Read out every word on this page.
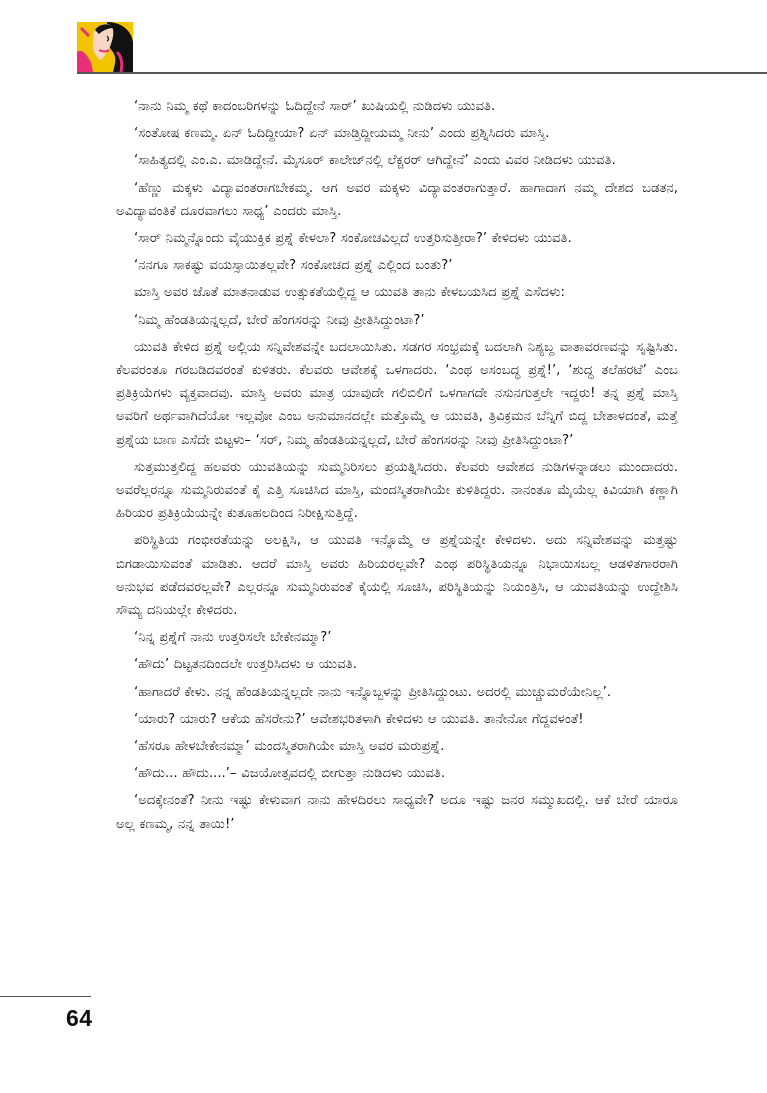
‘ನಾನು ನಿಮ್ಮ ಕಥೆ ಕಾದಂಬರಿಗಳನ್ನು ಓದಿದ್ದೇನೆ ಸಾರ್’ ಖುಷಿಯಲ್ಲಿ ನುಡಿದಳು ಯುವತಿ.

‘ಸಂತೋಷ ಕಣಮ್ಮ. ಏನ್ ಓದಿದ್ದೀಯಾ? ಏನ್ ಮಾಡ್ತಿದ್ದೀಯಮ್ಮ ನೀನು’ ಎಂದು ಪ್ರಶ್ನಿಸಿದರು ಮಾಸ್ತಿ.

‘ಸಾಹಿತ್ಯದಲ್ಲಿ ಎಂ.ಎ. ಮಾಡಿದ್ದೇನೆ. ಮೈಸೂರ್ ಕಾಲೇಜ್‌ನಲ್ಲಿ ಲೆಕ್ಚರರ್ ಆಗಿದ್ದೇನೆ’ ಎಂದು ವಿವರ ನೀಡಿದಳು ಯುವತಿ.

‘ಹೆಣ್ಣು ಮಕ್ಕಳು ವಿದ್ಯಾವಂತರಾಗಬೇಕಮ್ಮ. ಆಗ ಅವರ ಮಕ್ಕಳು ವಿದ್ಯಾವಂತರಾಗುತ್ತಾರೆ. ಹಾಗಾದಾಗ ನಮ್ಮ ದೇಶದ ಬಡತನ, ಅವಿದ್ಯಾವಂತಿಕೆ ದೂರವಾಗಲು ಸಾಧ್ಯ’ ಎಂದರು ಮಾಸ್ತಿ.

‘ಸಾರ್ ನಿಮ್ಮನ್ನೊಂದು ವೈಯುಕ್ತಿಕ ಪ್ರಶ್ನೆ ಕೇಳಲಾ? ಸಂಕೋಚವಿಲ್ಲದೆ ಉತ್ತರಿಸುತ್ತೀರಾ?’ ಕೇಳಿದಳು ಯುವತಿ.

‘ನನಗೂ ಸಾಕಷ್ಟು ವಯಸ್ಸಾಯಿತಲ್ಲವೇ? ಸಂಕೋಚದ ಪ್ರಶ್ನೆ ಎಲ್ಲಿಂದ ಬಂತು?’

ಮಾಸ್ತಿ ಅವರ ಜೊತೆ ಮಾತನಾಡುವ ಉತ್ಸುಕತೆಯಲ್ಲಿದ್ದ ಆ ಯುವತಿ ತಾನು ಕೇಳಬಯಸಿದ ಪ್ರಶ್ನೆ ಎಸೆದಳು:

‘ನಿಮ್ಮ ಹೆಂಡತಿಯನ್ನಲ್ಲದೆ, ಬೇರೆ ಹೆಂಗಸರನ್ನು ನೀವು ಪ್ರೀತಿಸಿದ್ದುಂಟಾ?’

ಯುವತಿ ಕೇಳಿದ ಪ್ರಶ್ನೆ ಅಲ್ಲಿಯ ಸನ್ನಿವೇಶವನ್ನೇ ಬದಲಾಯಿಸಿತು. ಸಡಗರ ಸಂಭ್ರಮಕ್ಕೆ ಬದಲಾಗಿ ನಿಶ್ಯಬ್ದ ವಾತಾವರಣವನ್ನು ಸೃಷ್ಟಿಸಿತು. ಕೆಲವರಂತೂ ಗರಬಡಿದವರಂತೆ ಕುಳಿತರು. ಕೆಲವರು ಆವೇಶಕ್ಕೆ ಒಳಗಾದರು. ‘ಎಂಥ ಅಸಂಬದ್ಧ ಪ್ರಶ್ನೆ!’, ‘ಶುದ್ಧ ತಲೆಹರಟೆ’ ಎಂಬ ಪ್ರತಿಕ್ರಿಯೆಗಳು ವ್ಯಕ್ತವಾದವು. ಮಾಸ್ತಿ ಅವರು ಮಾತ್ರ ಯಾವುದೇ ಗಲಿಬಿಲಿಗೆ ಒಳಗಾಗದೇ ನಸುನಗುತ್ತಲೇ ಇದ್ದರು! ತನ್ನ ಪ್ರಶ್ನೆ ಮಾಸ್ತಿ ಅವರಿಗೆ ಅರ್ಥವಾಗಿದೆಯೋ ಇಲ್ಲವೋ ಎಂಬ ಅನುಮಾನದಲ್ಲೇ ಮತ್ತೊಮ್ಮೆ ಆ ಯುವತಿ, ತ್ರಿವಿಕ್ರಮನ ಬೆನ್ನಿಗೆ ಬಿದ್ದ ಬೇತಾಳದಂತೆ, ಮತ್ತೆ ಪ್ರಶ್ನೆಯ ಬಾಣ ಎಸೆದೇ ಬಿಟ್ಟಳು– ‘ಸರ್, ನಿಮ್ಮ ಹೆಂಡತಿಯನ್ನಲ್ಲದೆ, ಬೇರೆ ಹೆಂಗಸರನ್ನು ನೀವು ಪ್ರೀತಿಸಿದ್ದುಂಟಾ?’

ಸುತ್ತಮುತ್ತಲಿದ್ದ ಹಲವರು ಯುವತಿಯನ್ನು ಸುಮ್ಮನಿರಿಸಲು ಪ್ರಯತ್ನಿಸಿದರು. ಕೆಲವರು ಆವೇಶದ ನುಡಿಗಳನ್ನಾಡಲು ಮುಂದಾದರು. ಅವರೆಲ್ಲರನ್ನೂ ಸುಮ್ಮನಿರುವಂತೆ ಕೈ ಎತ್ತಿ ಸೂಚಿಸಿದ ಮಾಸ್ತಿ, ಮಂದಸ್ಮಿತರಾಗಿಯೇ ಕುಳಿತಿದ್ದರು. ನಾನಂತೂ ಮೈಯೆಲ್ಲ ಕಿವಿಯಾಗಿ ಕಣ್ಣಾಗಿ ಹಿರಿಯರ ಪ್ರತಿಕ್ರಿಯೆಯನ್ನೇ ಕುತೂಹಲದಿಂದ ನಿರೀಕ್ಷಿಸುತ್ತಿದ್ದೆ.

ಪರಿಸ್ಥಿತಿಯ ಗಂಭೀರತೆಯನ್ನು ಅಲಕ್ಷಿಸಿ, ಆ ಯುವತಿ ಇನ್ನೊಮ್ಮೆ ಆ ಪ್ರಶ್ನೆಯನ್ನೇ ಕೇಳಿದಳು. ಅದು ಸನ್ನಿವೇಶವನ್ನು ಮತ್ತಷ್ಟು ಬಿಗಡಾಯಿಸುವಂತೆ ಮಾಡಿತು. ಆದರೆ ಮಾಸ್ತಿ ಅವರು ಹಿರಿಯರಲ್ಲವೇ? ಎಂಥ ಪರಿಸ್ಥಿತಿಯನ್ನೂ ನಿಭಾಯಿಸಬಲ್ಲ ಆಡಳಿತಗಾರರಾಗಿ ಅನುಭವ ಪಡೆದವರಲ್ಲವೇ? ಎಲ್ಲರನ್ನೂ ಸುಮ್ಮನಿರುವಂತೆ ಕೈಯಲ್ಲಿ ಸೂಚಿಸಿ, ಪರಿಸ್ಥಿತಿಯನ್ನು ನಿಯಂತ್ರಿಸಿ, ಆ ಯುವತಿಯನ್ನು ಉದ್ದೇಶಿಸಿ ಸೌಮ್ಯ ದನಿಯಲ್ಲೇ ಕೇಳಿದರು.

‘ನಿನ್ನ ಪ್ರಶ್ನೆಗೆ ನಾನು ಉತ್ತರಿಸಲೇ ಬೇಕೇನಮ್ಮಾ?’

‘ಹೌದು’ ದಿಟ್ಟತನದಿಂದಲೇ ಉತ್ತರಿಸಿದಳು ಆ ಯುವತಿ.

‘ಹಾಗಾದರೆ ಕೇಳು. ನನ್ನ ಹೆಂಡತಿಯನ್ನಲ್ಲದೇ ನಾನು ಇನ್ನೊಬ್ಬಳನ್ನು ಪ್ರೀತಿಸಿದ್ದುಂಟು. ಅದರಲ್ಲಿ ಮುಚ್ಚುಮರೆಯೇನಿಲ್ಲ’.

‘ಯಾರು? ಯಾರು? ಆಕೆಯ ಹೆಸರೇನು?’ ಆವೇಶಭರಿತಳಾಗಿ ಕೇಳಿದಳು ಆ ಯುವತಿ. ತಾನೇನೋ ಗೆದ್ದವಳಂತೆ!

‘ಹೆಸರೂ ಹೇಳಬೇಕೇನಮ್ಮಾ’ ಮಂದಸ್ಮಿತರಾಗಿಯೇ ಮಾಸ್ತಿ ಅವರ ಮರುಪ್ರಶ್ನೆ.

‘ಹೌದು... ಹೌದು....’– ವಿಜಯೋತ್ಸವದಲ್ಲಿ ಬೀಗುತ್ತಾ ನುಡಿದಳು ಯುವತಿ.

‘ಅದಕ್ಕೇನಂತೆ? ನೀನು ಇಷ್ಟು ಕೇಳುವಾಗ ನಾನು ಹೇಳದಿರಲು ಸಾಧ್ಯವೇ? ಅದೂ ಇಷ್ಟು ಜನರ ಸಮ್ಮುಖದಲ್ಲಿ. ಆಕೆ ಬೇರೆ ಯಾರೂ ಅಲ್ಲ ಕಣಮ್ಮ, ನನ್ನ ತಾಯಿ!’

64
